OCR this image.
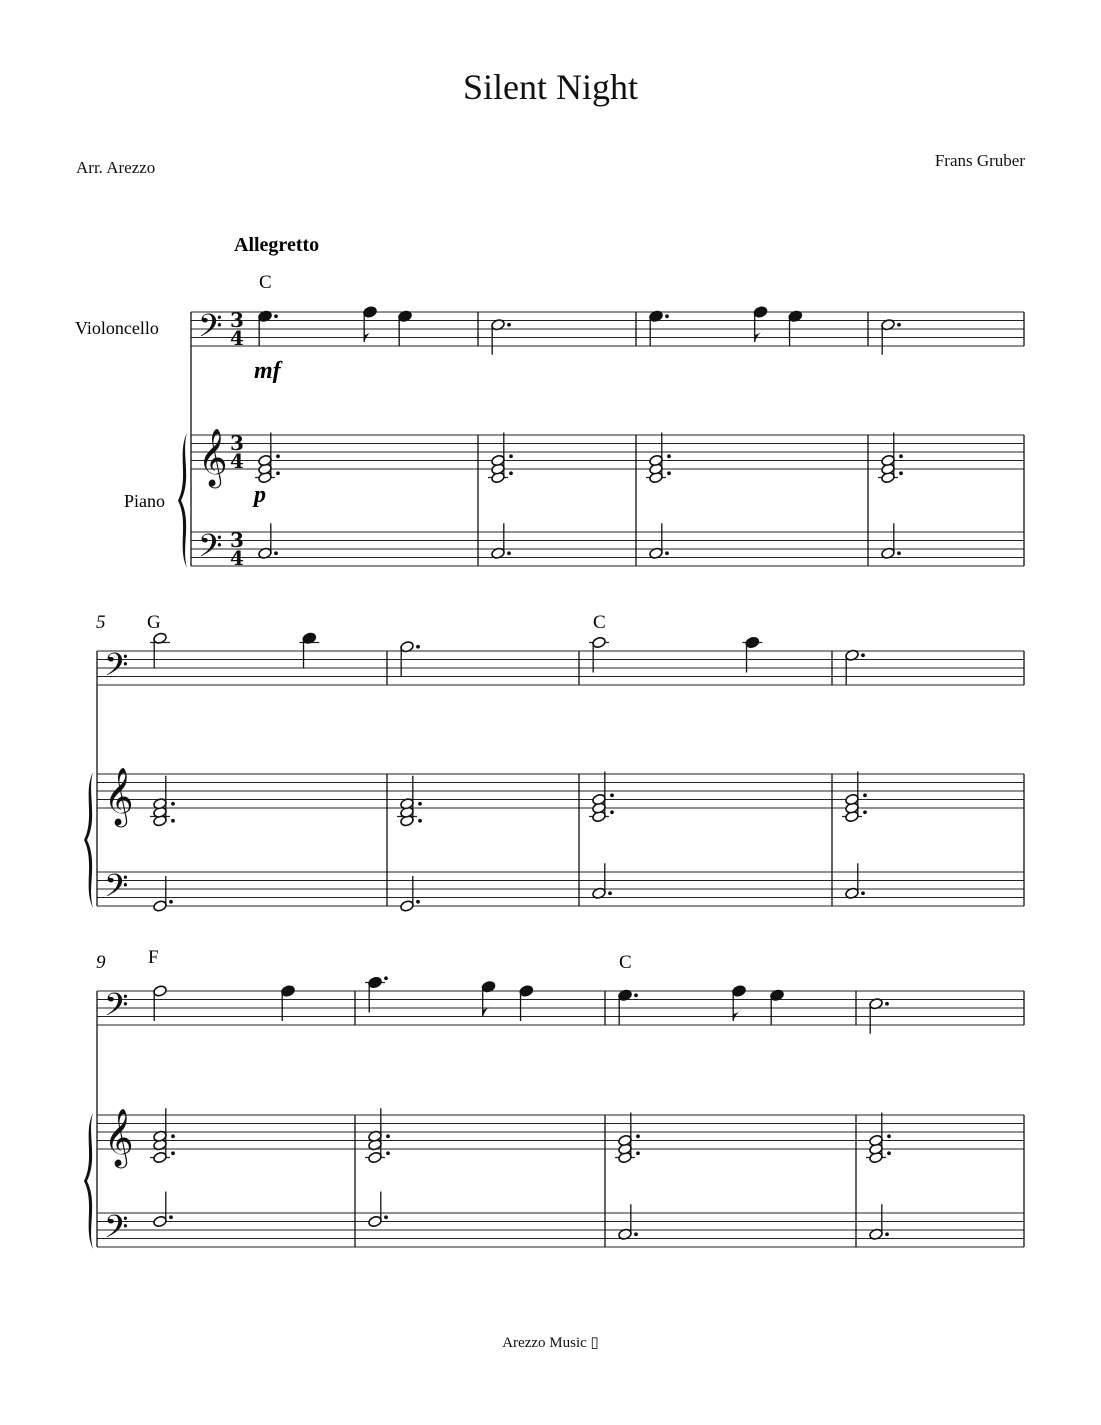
Silent Night
Arr. Arezzo	Frans Gruber
Allegretto
Violoncello
Piano
C
G	C
F	C
5
9
mf
p
𝄢
𝄞
𝄢
3
4
3
4
3
4
𝄢
𝄞
𝄢
𝄢
𝄞
𝄢
Arezzo Music ▯
